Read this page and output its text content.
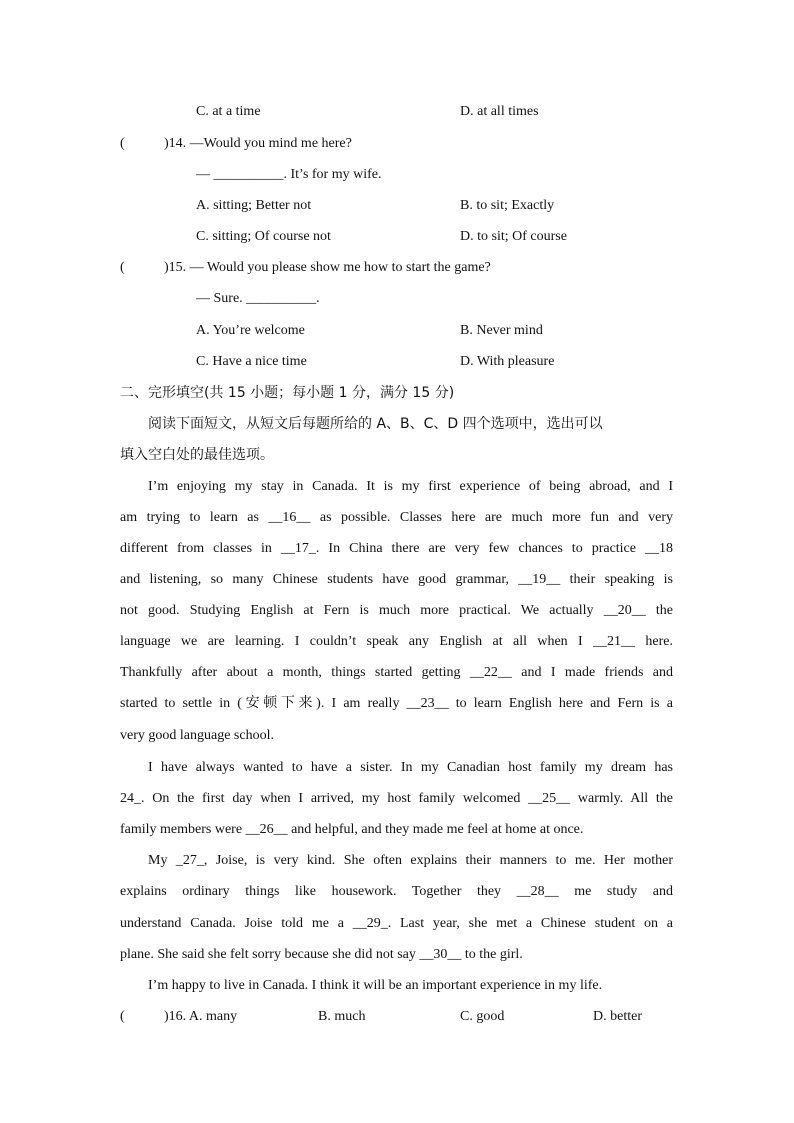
C. at a time	D. at all times
(	)14. —Would you mind me here?
— __________. It’s for my wife.
A. sitting; Better not	B. to sit; Exactly
C. sitting; Of course not	D. to sit; Of course
(	)15. — Would you please show me how to start the game?
— Sure. __________.
A. You’re welcome	B. Never mind
C. Have a nice time	D. With pleasure
二、完形填空(共 15 小题；每小题 1 分，满分 15 分)
阅读下面短文，从短文后每题所给的 A、B、C、D 四个选项中，选出可以
填入空白处的最佳选项。
I’m enjoying my stay in Canada. It is my first experience of being abroad, and I
am trying to learn as __16__ as possible. Classes here are much more fun and very
different from classes in __17_. In China there are very few chances to practice __18
and listening, so many Chinese students have good grammar, __19__ their speaking is
not good. Studying English at Fern is much more practical. We actually __20__ the
language we are learning. I couldn’t speak any English at all when I __21__ here.
Thankfully after about a month, things started getting __22__ and I made friends and
started to settle in (安顿下来). I am really __23__ to learn English here and Fern is a
very good language school.
I have always wanted to have a sister. In my Canadian host family my dream has
24_. On the first day when I arrived, my host family welcomed __25__ warmly. All the
family members were __26__ and helpful, and they made me feel at home at once.
My _27_, Joise, is very kind. She often explains their manners to me. Her mother
explains ordinary things like housework. Together they __28__ me study and
understand Canada. Joise told me a __29_. Last year, she met a Chinese student on a
plane. She said she felt sorry because she did not say __30__ to the girl.
I’m happy to live in Canada. I think it will be an important experience in my life.
(	)16. A. many	B. much	C. good	D. better
